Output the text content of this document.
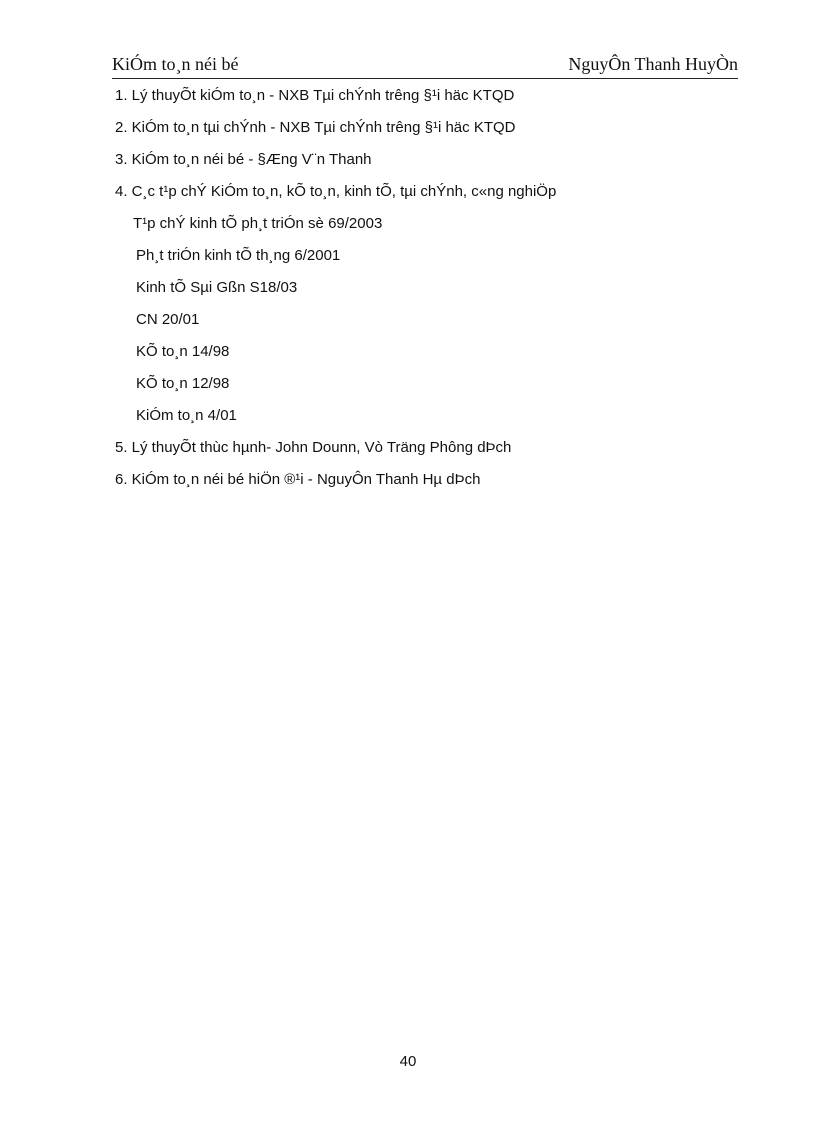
KiÓm to¸n néi bé	NguyÔn Thanh HuyÒn
1. Lý thuyÕt kiÓm to¸n - NXB Tµi chÝnh trêng §¹i häc KTQD
2. KiÓm to¸n tµi chÝnh - NXB Tµi chÝnh trêng §¹i häc KTQD
3. KiÓm to¸n néi bé - §Æng V¨n Thanh
4. C¸c t¹p chÝ KiÓm to¸n, kÕ to¸n, kinh tÕ, tµi chÝnh, c«ng nghiÖp
T¹p chÝ kinh tÕ ph¸t triÓn sè 69/2003
Ph¸t triÓn kinh tÕ th¸ng 6/2001
Kinh tÕ Sµi Gßn S18/03
CN 20/01
KÕ to¸n 14/98
KÕ to¸n 12/98
KiÓm to¸n 4/01
5. Lý thuyÕt thùc hµnh- John Dounn, Vò Träng Phông dÞch
6. KiÓm to¸n néi bé hiÖn ®¹i - NguyÔn Thanh Hµ dÞch
40
